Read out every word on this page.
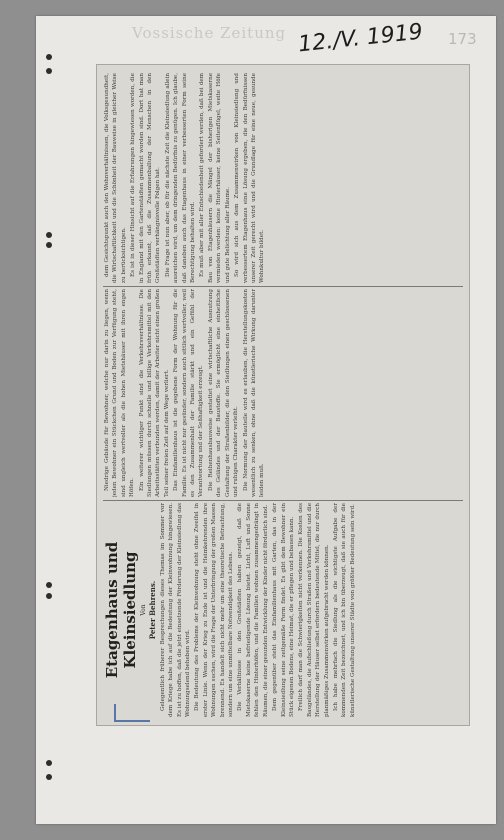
Vossische Zeitung 12./V. 1919 173

Etagenhaus und Kleinsiedlung Von Peter Behrens. Gelegentlich früherer Besprechungen dieses Themas im Sommer vor dem Kriege habe ich auf die Bedeutung der Kleinwohnung hingewiesen. Es ist zu hoffen, daß die jetzt einsetzende Förderung der Kleinsiedlung das Wohnungselend beheben wird. Die Bedeutung des Problems der Kleinwohnung steht ohne Zweifel in erster Linie. Wenn der Krieg zu Ende ist und die Heimkehrenden ihre Wohnungen suchen, wird die Frage der Unterbringung der großen Massen brennend. Es handelt sich nicht mehr um eine theoretische Betrachtung, sondern um eine unmittelbare Notwendigkeit des Lebens. Die Verhältnisse in den Großstädten haben gezeigt, daß die Mietskaserne keine befriedigende Lösung bietet. Licht, Luft und Sonne fehlen den Hinterhöfen, und die Familien wohnen zusammengedrängt in Räumen, die einer gesunden Entwicklung der Kinder nicht förderlich sind. Dem gegenüber steht das Einfamilienhaus mit Garten, das in der Kleinsiedlung seine zeitgemäße Form findet. Es gibt dem Bewohner ein Stück eigenen Bodens, eine Heimat, die er pflegen und bebauen kann. Freilich darf man die Schwierigkeiten nicht verkennen. Die Kosten des Baugeländes, die Aufschließung durch Straßen und Verkehrsmittel und die Herstellung der Häuser selbst erfordern bedeutende Mittel, die nur durch planmäßiges Zusammenwirken aufgebracht werden können. Ich habe mehrfach die Siedlung als die wichtigste Aufgabe der kommenden Zeit bezeichnet, und ich bin überzeugt, daß sie auch für die künstlerische Gestaltung unserer Städte von größter Bedeutung sein wird.

Niedrige Gebäude für Bewohner, welche nur darin zu liegen, wenn jeden Bewohner ein Stückchen Grund und Boden zur Verfügung steht, sind ungleich wertvoller als die hohen Mietshäuser mit ihren engen Höfen. Ein weiterer wichtiger Punkt sind die Verkehrsverhältnisse. Die Siedlungen müssen durch schnelle und billige Verkehrsmittel mit den Arbeitsstätten verbunden werden, damit der Arbeiter nicht einen großen Teil seiner freien Zeit auf dem Wege verliert. Das Einfamilienhaus ist die gegebene Form der Wohnung für die Familie. Es ist nicht nur gesünder, sondern auch sittlich wertvoller, weil es den Zusammenhalt der Familie stärkt und ein Gefühl der Verantwortung und der Seßhaftigkeit erzeugt. Die Reihenhausbauweise gestattet eine wirtschaftliche Ausnutzung des Geländes und der Baustoffe. Sie ermöglicht eine einheitliche Gestaltung der Straßenbilder, die den Siedlungen einen geschlossenen und ruhigen Charakter verleiht. Die Normung der Bauteile wird es erlauben, die Herstellungskosten wesentlich zu senken, ohne daß die künstlerische Wirkung darunter leiden muß.

dem Gesichtspunkt auch den Wohnverhältnissen, die Volksgesundheit, die Wirtschaftlichkeit und die Schönheit der Bauweise in gleicher Weise zu berücksichtigen. Es ist in dieser Hinsicht auf die Erfahrungen hingewiesen worden, die in England mit den Gartenstädten gemacht worden sind. Dort hat man früh erkannt, daß die Zusammenballung der Menschen in den Großstädten verhängnisvolle Folgen hat. Die Frage ist nun aber, ob für die nächste Zeit die Kleinsiedlung allein ausreichen wird, um dem dringenden Bedürfnis zu genügen. Ich glaube, daß daneben auch das Etagenhaus in einer verbesserten Form seine Berechtigung behalten wird. Es muß aber mit aller Entschiedenheit gefordert werden, daß bei dem Bau von Etagenhäusern die Mängel der bisherigen Mietskaserne vermieden werden: keine Hinterhäuser, keine Seitenflügel, weite Höfe und gute Belichtung aller Räume. So wird sich aus dem Zusammenwirken von Kleinsiedlung und verbessertem Etagenhaus eine Lösung ergeben, die den Bedürfnissen unserer Zeit gerecht wird und die Grundlage für eine neue, gesunde Wohnkultur bildet.
